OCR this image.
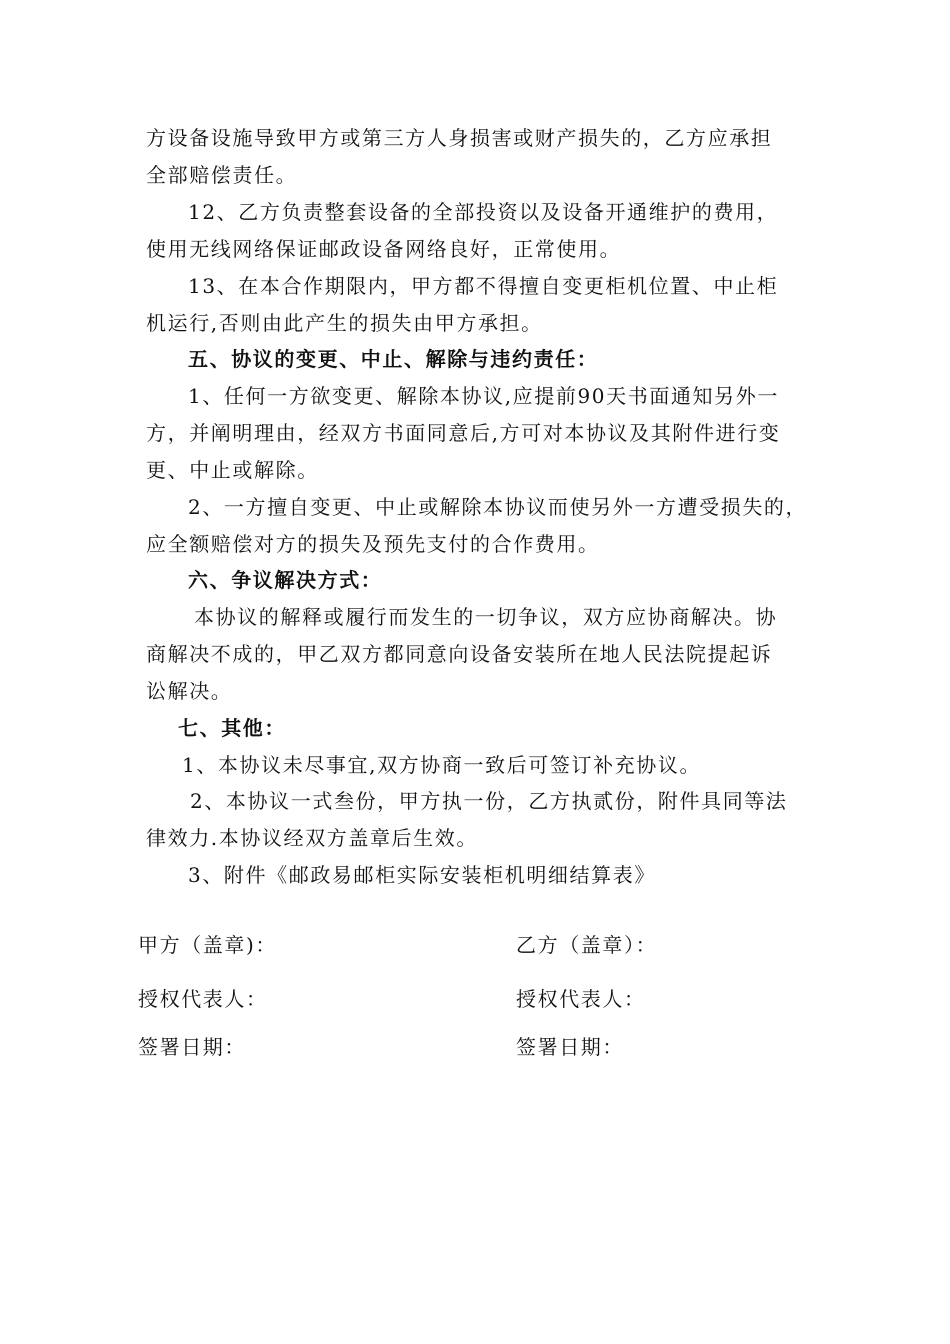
方设备设施导致甲方或第三方人身损害或财产损失的，乙方应承担
全部赔偿责任。
12、乙方负责整套设备的全部投资以及设备开通维护的费用，
使用无线网络保证邮政设备网络良好，正常使用。
13、在本合作期限内，甲方都不得擅自变更柜机位置、中止柜
机运行,否则由此产生的损失由甲方承担。
五、协议的变更、中止、解除与违约责任：
1、任何一方欲变更、解除本协议,应提前90天书面通知另外一
方，并阐明理由，经双方书面同意后,方可对本协议及其附件进行变
更、中止或解除。
2、一方擅自变更、中止或解除本协议而使另外一方遭受损失的，
应全额赔偿对方的损失及预先支付的合作费用。
六、争议解决方式：
本协议的解释或履行而发生的一切争议，双方应协商解决。协
商解决不成的，甲乙双方都同意向设备安装所在地人民法院提起诉
讼解决。
七、其他：
1、本协议未尽事宜,双方协商一致后可签订补充协议。
2、本协议一式叁份，甲方执一份，乙方执贰份，附件具同等法
律效力.本协议经双方盖章后生效。
3、附件《邮政易邮柜实际安装柜机明细结算表》
甲方（盖章)：	乙方（盖章）：
授权代表人：	授权代表人：
签署日期：	签署日期：
